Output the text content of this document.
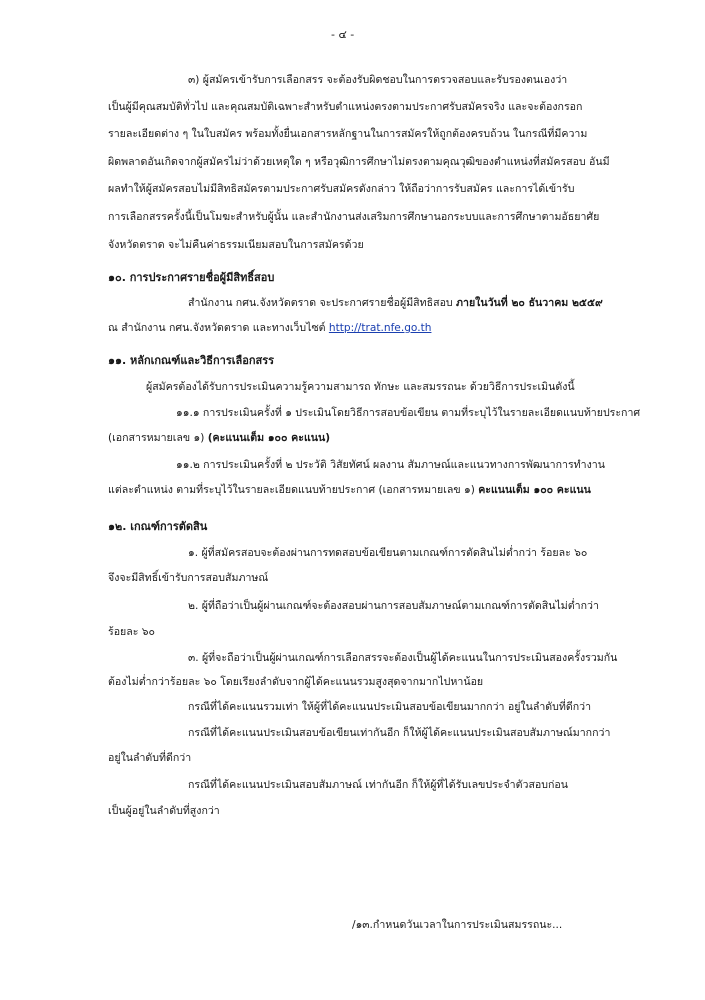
- ๔ -
๓) ผู้สมัครเข้ารับการเลือกสรร จะต้องรับผิดชอบในการตรวจสอบและรับรองตนเองว่า
เป็นผู้มีคุณสมบัติทั่วไป และคุณสมบัติเฉพาะสำหรับตำแหน่งตรงตามประกาศรับสมัครจริง และจะต้องกรอก
รายละเอียดต่าง ๆ ในใบสมัคร พร้อมทั้งยื่นเอกสารหลักฐานในการสมัครให้ถูกต้องครบถ้วน ในกรณีที่มีความ
ผิดพลาดอันเกิดจากผู้สมัครไม่ว่าด้วยเหตุใด ๆ หรือวุฒิการศึกษาไม่ตรงตามคุณวุฒิของตำแหน่งที่สมัครสอบ อันมี
ผลทำให้ผู้สมัครสอบไม่มีสิทธิสมัครตามประกาศรับสมัครดังกล่าว ให้ถือว่าการรับสมัคร และการได้เข้ารับ
การเลือกสรรครั้งนี้เป็นโมฆะสำหรับผู้นั้น และสำนักงานส่งเสริมการศึกษานอกระบบและการศึกษาตามอัธยาศัย
จังหวัดตราด จะไม่คืนค่าธรรมเนียมสอบในการสมัครด้วย
๑๐. การประกาศรายชื่อผู้มีสิทธิ์สอบ
สำนักงาน กศน.จังหวัดตราด จะประกาศรายชื่อผู้มีสิทธิสอบ ภายในวันที่ ๒๐ ธันวาคม ๒๕๕๙
ณ สำนักงาน กศน.จังหวัดตราด และทางเว็บไซต์ http://trat.nfe.go.th
๑๑. หลักเกณฑ์และวิธีการเลือกสรร
ผู้สมัครต้องได้รับการประเมินความรู้ความสามารถ ทักษะ และสมรรถนะ ด้วยวิธีการประเมินดังนี้
๑๑.๑ การประเมินครั้งที่ ๑ ประเมินโดยวิธีการสอบข้อเขียน ตามที่ระบุไว้ในรายละเอียดแนบท้ายประกาศ
(เอกสารหมายเลข ๑) (คะแนนเต็ม ๑๐๐ คะแนน)
๑๑.๒ การประเมินครั้งที่ ๒ ประวัติ วิสัยทัศน์ ผลงาน สัมภาษณ์และแนวทางการพัฒนาการทำงาน
แต่ละตำแหน่ง ตามที่ระบุไว้ในรายละเอียดแนบท้ายประกาศ (เอกสารหมายเลข ๑) คะแนนเต็ม ๑๐๐ คะแนน
๑๒. เกณฑ์การตัดสิน
๑. ผู้ที่สมัครสอบจะต้องผ่านการทดสอบข้อเขียนตามเกณฑ์การตัดสินไม่ต่ำกว่า ร้อยละ ๖๐
จึงจะมีสิทธิ์เข้ารับการสอบสัมภาษณ์
๒. ผู้ที่ถือว่าเป็นผู้ผ่านเกณฑ์จะต้องสอบผ่านการสอบสัมภาษณ์ตามเกณฑ์การตัดสินไม่ต่ำกว่า
ร้อยละ ๖๐
๓. ผู้ที่จะถือว่าเป็นผู้ผ่านเกณฑ์การเลือกสรรจะต้องเป็นผู้ได้คะแนนในการประเมินสองครั้งรวมกัน
ต้องไม่ต่ำกว่าร้อยละ ๖๐ โดยเรียงลำดับจากผู้ได้คะแนนรวมสูงสุดจากมากไปหาน้อย
กรณีที่ได้คะแนนรวมเท่า ให้ผู้ที่ได้คะแนนประเมินสอบข้อเขียนมากกว่า อยู่ในลำดับที่ดีกว่า
กรณีที่ได้คะแนนประเมินสอบข้อเขียนเท่ากันอีก ก็ให้ผู้ได้คะแนนประเมินสอบสัมภาษณ์มากกว่า
อยู่ในลำดับที่ดีกว่า
กรณีที่ได้คะแนนประเมินสอบสัมภาษณ์ เท่ากันอีก ก็ให้ผู้ที่ได้รับเลขประจำตัวสอบก่อน
เป็นผู้อยู่ในลำดับที่สูงกว่า
/๑๓.กำหนดวันเวลาในการประเมินสมรรถนะ...
